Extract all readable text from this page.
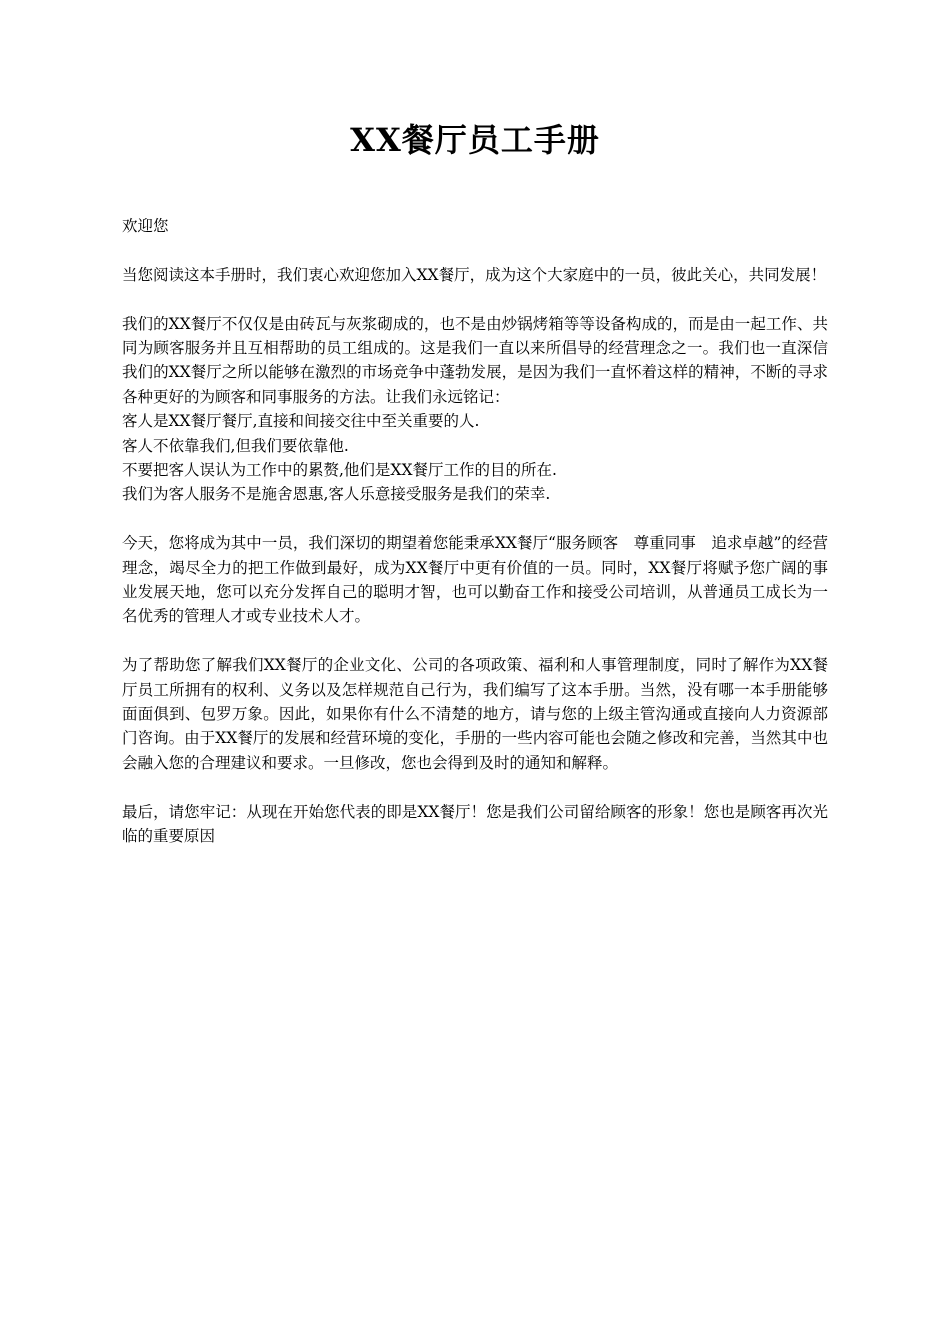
XX餐厅员工手册

欢迎您

当您阅读这本手册时，我们衷心欢迎您加入XX餐厅，成为这个大家庭中的一员，彼此关心，共同发展！

我们的XX餐厅不仅仅是由砖瓦与灰浆砌成的，也不是由炒锅烤箱等等设备构成的，而是由一起工作、共同为顾客服务并且互相帮助的员工组成的。这是我们一直以来所倡导的经营理念之一。我们也一直深信我们的XX餐厅之所以能够在激烈的市场竞争中蓬勃发展，是因为我们一直怀着这样的精神，不断的寻求各种更好的为顾客和同事服务的方法。让我们永远铭记：

客人是XX餐厅餐厅,直接和间接交往中至关重要的人.

客人不依靠我们,但我们要依靠他.

不要把客人误认为工作中的累赘,他们是XX餐厅工作的目的所在.

我们为客人服务不是施舍恩惠,客人乐意接受服务是我们的荣幸.

今天，您将成为其中一员，我们深切的期望着您能秉承XX餐厅“服务顾客　尊重同事　追求卓越”的经营理念，竭尽全力的把工作做到最好，成为XX餐厅中更有价值的一员。同时，XX餐厅将赋予您广阔的事业发展天地，您可以充分发挥自己的聪明才智，也可以勤奋工作和接受公司培训，从普通员工成长为一名优秀的管理人才或专业技术人才。

为了帮助您了解我们XX餐厅的企业文化、公司的各项政策、福利和人事管理制度，同时了解作为XX餐厅员工所拥有的权利、义务以及怎样规范自己行为，我们编写了这本手册。当然，没有哪一本手册能够面面俱到、包罗万象。因此，如果你有什么不清楚的地方，请与您的上级主管沟通或直接向人力资源部门咨询。由于XX餐厅的发展和经营环境的变化，手册的一些内容可能也会随之修改和完善，当然其中也会融入您的合理建议和要求。一旦修改，您也会得到及时的通知和解释。

最后，请您牢记：从现在开始您代表的即是XX餐厅！您是我们公司留给顾客的形象！您也是顾客再次光临的重要原因
